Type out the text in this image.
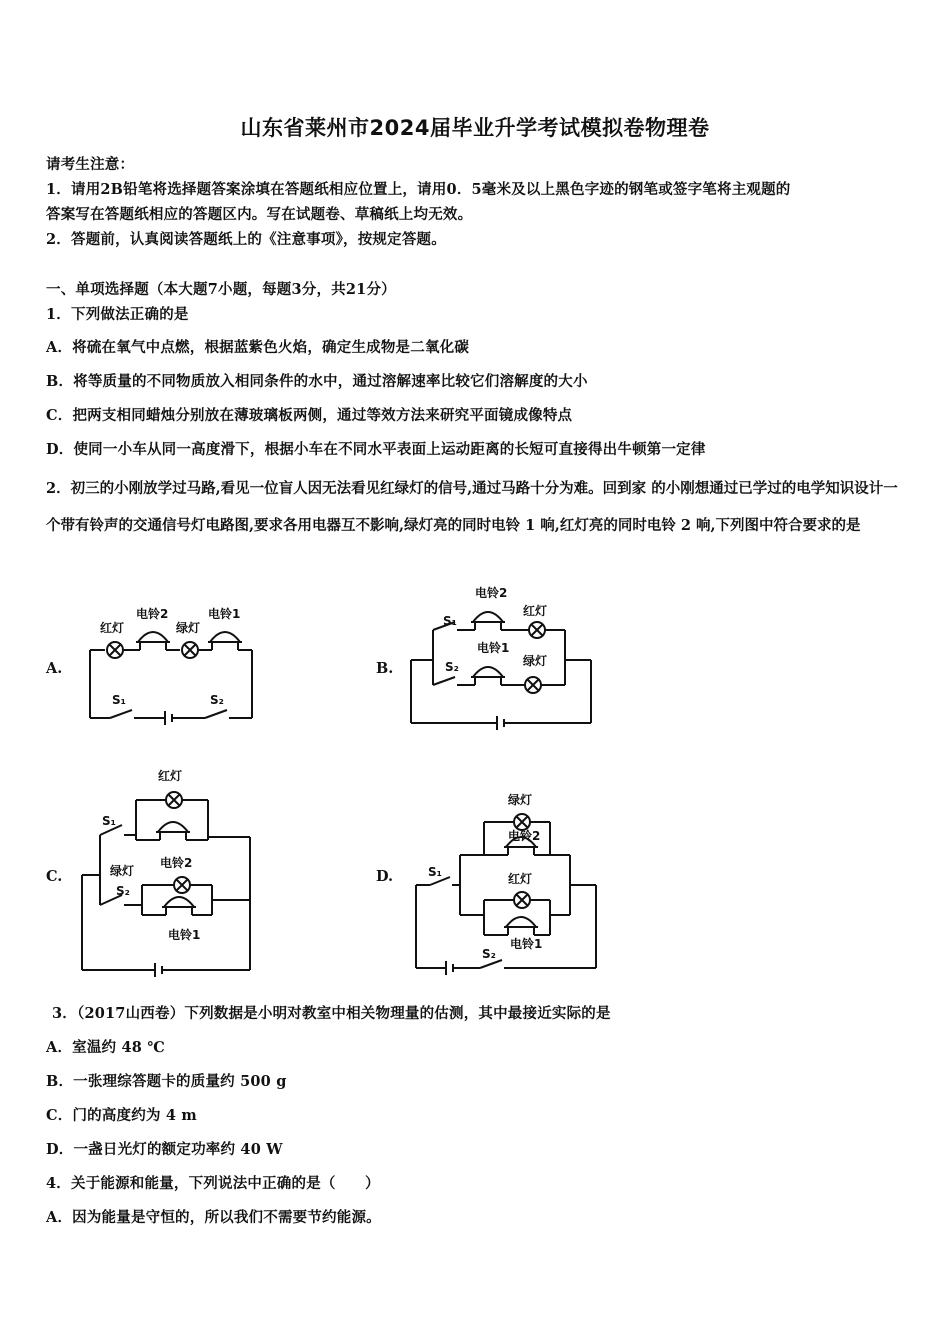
山东省莱州市2024届毕业升学考试模拟卷物理卷
请考生注意：
1．请用2B铅笔将选择题答案涂填在答题纸相应位置上，请用0．5毫米及以上黑色字迹的钢笔或签字笔将主观题的
答案写在答题纸相应的答题区内。写在试题卷、草稿纸上均无效。
2．答题前，认真阅读答题纸上的《注意事项》，按规定答题。
一、单项选择题（本大题7小题，每题3分，共21分）
1．下列做法正确的是
A．将硫在氧气中点燃，根据蓝紫色火焰，确定生成物是二氧化碳
B．将等质量的不同物质放入相同条件的水中，通过溶解速率比较它们溶解度的大小
C．把两支相同蜡烛分别放在薄玻璃板两侧，通过等效方法来研究平面镜成像特点
D．使同一小车从同一高度滑下，根据小车在不同水平表面上运动距离的长短可直接得出牛顿第一定律
2．初三的小刚放学过马路,看见一位盲人因无法看见红绿灯的信号,通过马路十分为难。回到家 的小刚想通过已学过的电学知识设计一个带有铃声的交通信号灯电路图,要求各用电器互不影响,绿灯亮的同时电铃 1 响,红灯亮的同时电铃 2 响,下列图中符合要求的是
A.	B.
C.	D.
红灯
电铃2
绿灯
电铃1
S₁	S₂
电铃2
红灯
电铃1
绿灯
S₁
S₂
红灯
绿灯
电铃2
电铃1
S₁
S₂
绿灯
电铃2
红灯
电铃1
S₁
S₂
3．（2017山西卷）下列数据是小明对教室中相关物理量的估测，其中最接近实际的是
A．室温约 48 ℃
B．一张理综答题卡的质量约 500 g
C．门的高度约为 4 m
D．一盏日光灯的额定功率约 40 W
4．关于能源和能量，下列说法中正确的是（　　）
A．因为能量是守恒的，所以我们不需要节约能源。
